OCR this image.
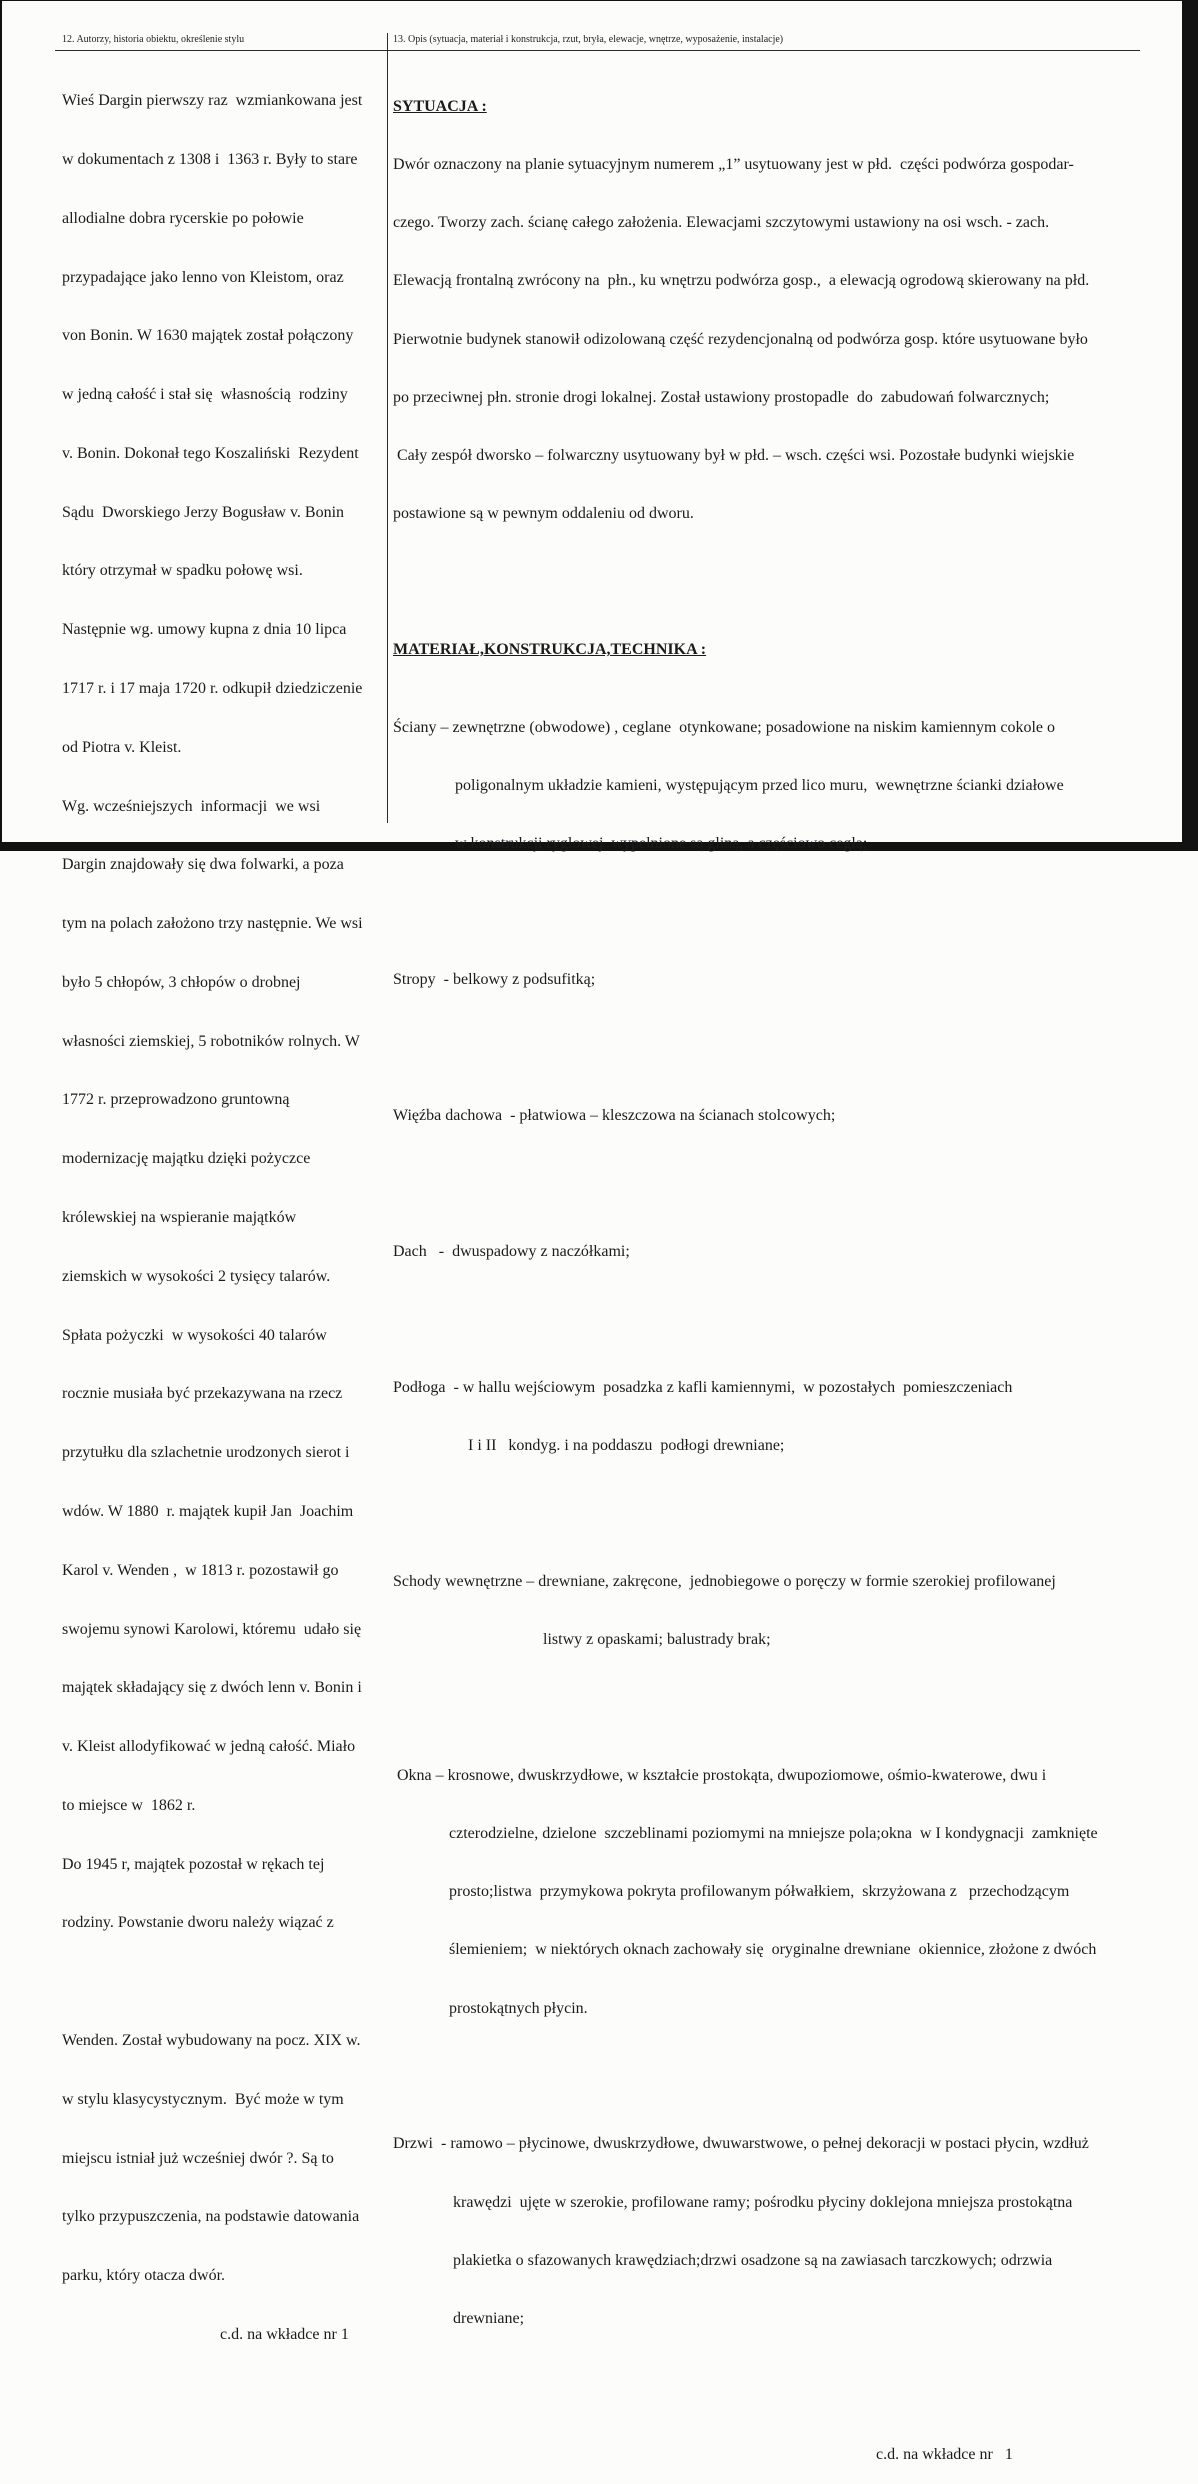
12. Autorzy, historia obiektu, określenie stylu	13. Opis (sytuacja, materiał i konstrukcja, rzut, bryła, elewacje, wnętrze, wyposażenie, instalacje)

Wieś Dargin pierwszy raz  wzmiankowana jest

w dokumentach z 1308 i  1363 r. Były to stare

allodialne dobra rycerskie po połowie

przypadające jako lenno von Kleistom, oraz

von Bonin. W 1630 majątek został połączony

w jedną całość i stał się  własnością  rodziny

v. Bonin. Dokonał tego Koszaliński  Rezydent

Sądu  Dworskiego Jerzy Bogusław v. Bonin

który otrzymał w spadku połowę wsi.

Następnie wg. umowy kupna z dnia 10 lipca

1717 r. i 17 maja 1720 r. odkupił dziedziczenie

od Piotra v. Kleist.

Wg. wcześniejszych  informacji  we wsi

Dargin znajdowały się dwa folwarki, a poza

tym na polach założono trzy następnie. We wsi

było 5 chłopów, 3 chłopów o drobnej

własności ziemskiej, 5 robotników rolnych. W

1772 r. przeprowadzono gruntowną

modernizację majątku dzięki pożyczce

królewskiej na wspieranie majątków

ziemskich w wysokości 2 tysięcy talarów.

Spłata pożyczki  w wysokości 40 talarów

rocznie musiała być przekazywana na rzecz

przytułku dla szlachetnie urodzonych sierot i

wdów. W 1880  r. majątek kupił Jan  Joachim

Karol v. Wenden ,  w 1813 r. pozostawił go

swojemu synowi Karolowi, któremu  udało się

majątek składający się z dwóch lenn v. Bonin i

v. Kleist allodyfikować w jedną całość. Miało

to miejsce w  1862 r.

Do 1945 r, majątek pozostał w rękach tej

rodziny. Powstanie dworu należy wiązać z

Wenden. Został wybudowany na pocz. XIX w.

w stylu klasycystycznym.  Być może w tym

miejscu istniał już wcześniej dwór ?. Są to

tylko przypuszczenia, na podstawie datowania

parku, który otacza dwór.

c.d. na wkładce nr 1

SYTUACJA :

Dwór oznaczony na planie sytuacyjnym numerem „1” usytuowany jest w płd.  części podwórza gospodar-

czego. Tworzy zach. ścianę całego założenia. Elewacjami szczytowymi ustawiony na osi wsch. - zach.

Elewacją frontalną zwrócony na  płn., ku wnętrzu podwórza gosp.,  a elewacją ogrodową skierowany na płd.

Pierwotnie budynek stanowił odizolowaną część rezydencjonalną od podwórza gosp. które usytuowane było

po przeciwnej płn. stronie drogi lokalnej. Został ustawiony prostopadle  do  zabudowań folwarcznych;

Cały zespół dworsko – folwarczny usytuowany był w płd. – wsch. części wsi. Pozostałe budynki wiejskie

postawione są w pewnym oddaleniu od dworu.

MATERIAŁ,KONSTRUKCJA,TECHNIKA :

Ściany – zewnętrzne (obwodowe) , ceglane  otynkowane; posadowione na niskim kamiennym cokole o

poligonalnym układzie kamieni, występującym przed lico muru,  wewnętrzne ścianki działowe

w konstrukcji ryglowej  wypełnione są gliną, a częściowo cegłą;

Stropy  - belkowy z podsufitką;

Więźba dachowa  - płatwiowa – kleszczowa na ścianach stolcowych;

Dach   -  dwuspadowy z naczółkami;

Podłoga  - w hallu wejściowym  posadzka z kafli kamiennymi,  w pozostałych  pomieszczeniach

I i II   kondyg. i na poddaszu  podłogi drewniane;

Schody wewnętrzne – drewniane, zakręcone,  jednobiegowe o poręczy w formie szerokiej profilowanej

listwy z opaskami; balustrady brak;

Okna – krosnowe, dwuskrzydłowe, w kształcie prostokąta, dwupoziomowe, ośmio-kwaterowe, dwu i

czterodzielne, dzielone  szczeblinami poziomymi na mniejsze pola;okna  w I kondygnacji  zamknięte

prosto;listwa  przymykowa pokryta profilowanym półwałkiem,  skrzyżowana z   przechodzącym

ślemieniem;  w niektórych oknach zachowały się  oryginalne drewniane  okiennice, złożone z dwóch

prostokątnych płycin.

Drzwi  - ramowo – płycinowe, dwuskrzydłowe, dwuwarstwowe, o pełnej dekoracji w postaci płycin, wzdłuż

krawędzi  ujęte w szerokie, profilowane ramy; pośrodku płyciny doklejona mniejsza prostokątna

plakietka o sfazowanych krawędziach;drzwi osadzone są na zawiasach tarczkowych; odrzwia

drewniane;

c.d. na wkładce nr   1
